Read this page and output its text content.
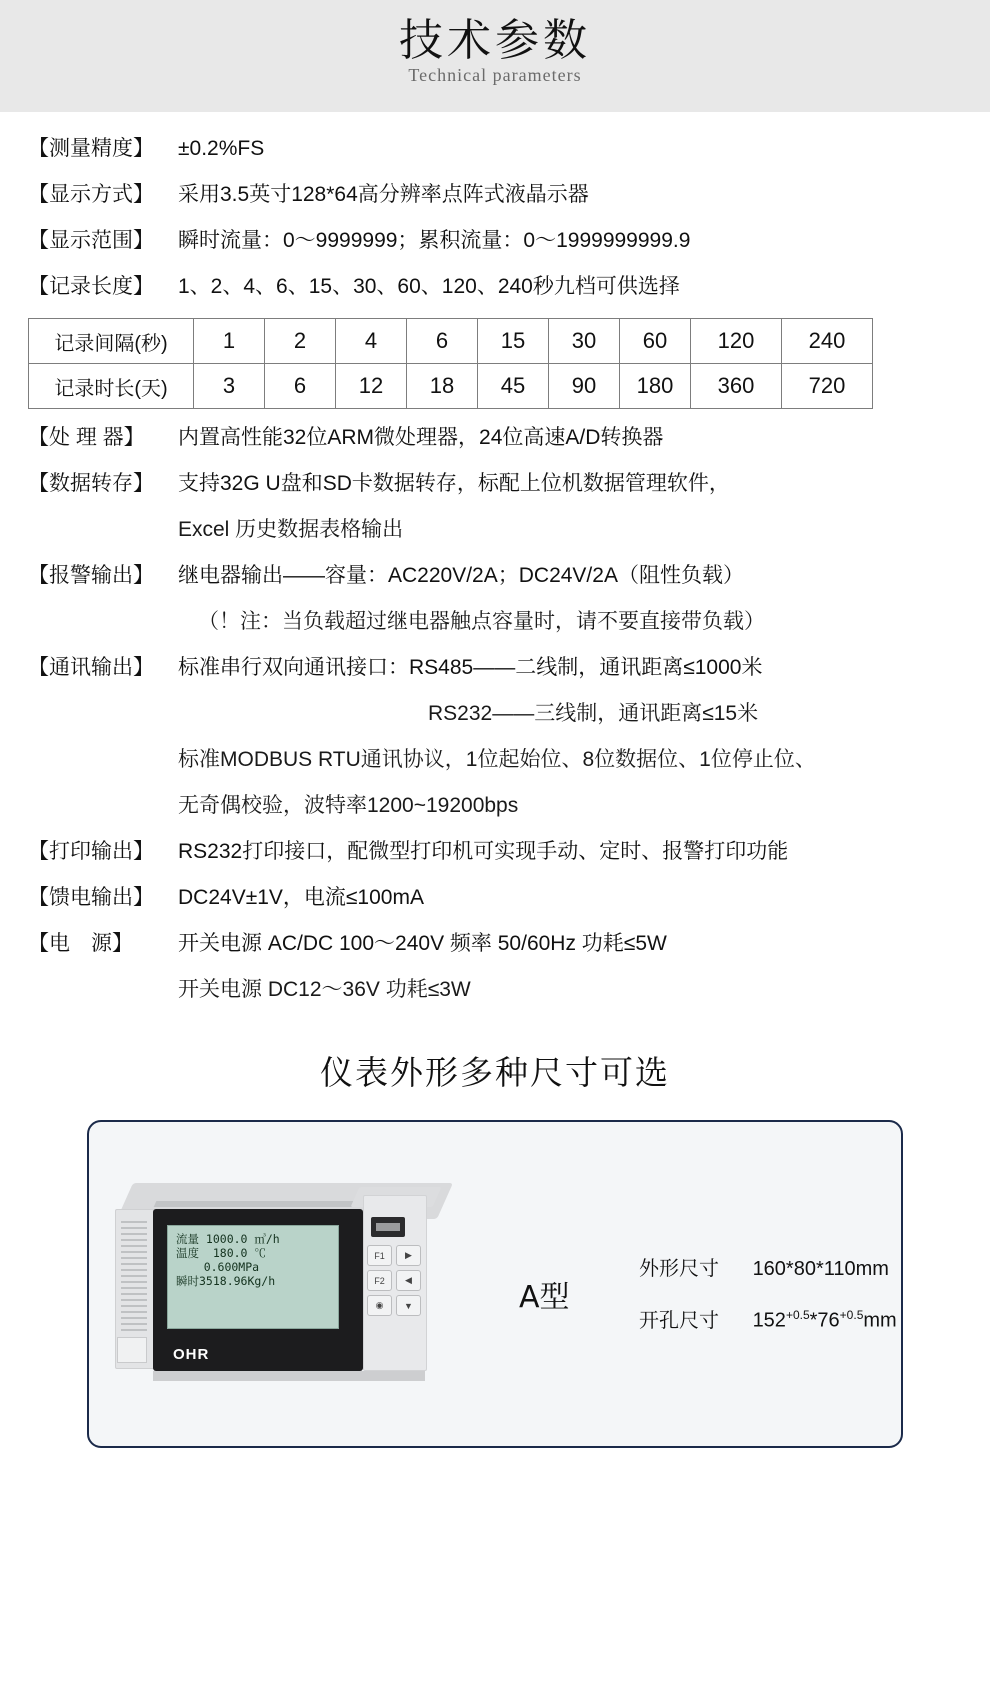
技术参数
Technical parameters
【测量精度】	±0.2%FS
【显示方式】	采用3.5英寸128*64高分辨率点阵式液晶示器
【显示范围】	瞬时流量：0～9999999；累积流量：0～1999999999.9
【记录长度】	1、2、4、6、15、30、60、120、240秒九档可供选择
记录间隔(秒)	1	2	4	6	15	30	60	120	240
记录时长(天)	3	6	12	18	45	90	180	360	720
【处 理 器】	内置高性能32位ARM微处理器，24位高速A/D转换器
【数据转存】	支持32G U盘和SD卡数据转存，标配上位机数据管理软件，
Excel 历史数据表格输出
【报警输出】	继电器输出——容量：AC220V/2A；DC24V/2A（阻性负载）
（！注：当负载超过继电器触点容量时，请不要直接带负载）
【通讯输出】	标准串行双向通讯接口：RS485——二线制，通讯距离≤1000米
RS232——三线制，通讯距离≤15米
标准MODBUS RTU通讯协议，1位起始位、8位数据位、1位停止位、
无奇偶校验，波特率1200~19200bps
【打印输出】	RS232打印接口，配微型打印机可实现手动、定时、报警打印功能
【馈电输出】	DC24V±1V，电流≤100mA
【电　源】	开关电源 AC/DC 100～240V 频率 50/60Hz 功耗≤5W
开关电源 DC12～36V 功耗≤3W
仪表外形多种尺寸可选
流量 1000.0 ㎥/h
温度  180.0 ℃
0.600MPa
瞬时3518.96Kg/h
OHR
F1	▶
F2	◀
◉	▼	A型
外形尺寸 160*80*110mm
开孔尺寸 $152^{+0.5}*76^{+0.5}mm$
